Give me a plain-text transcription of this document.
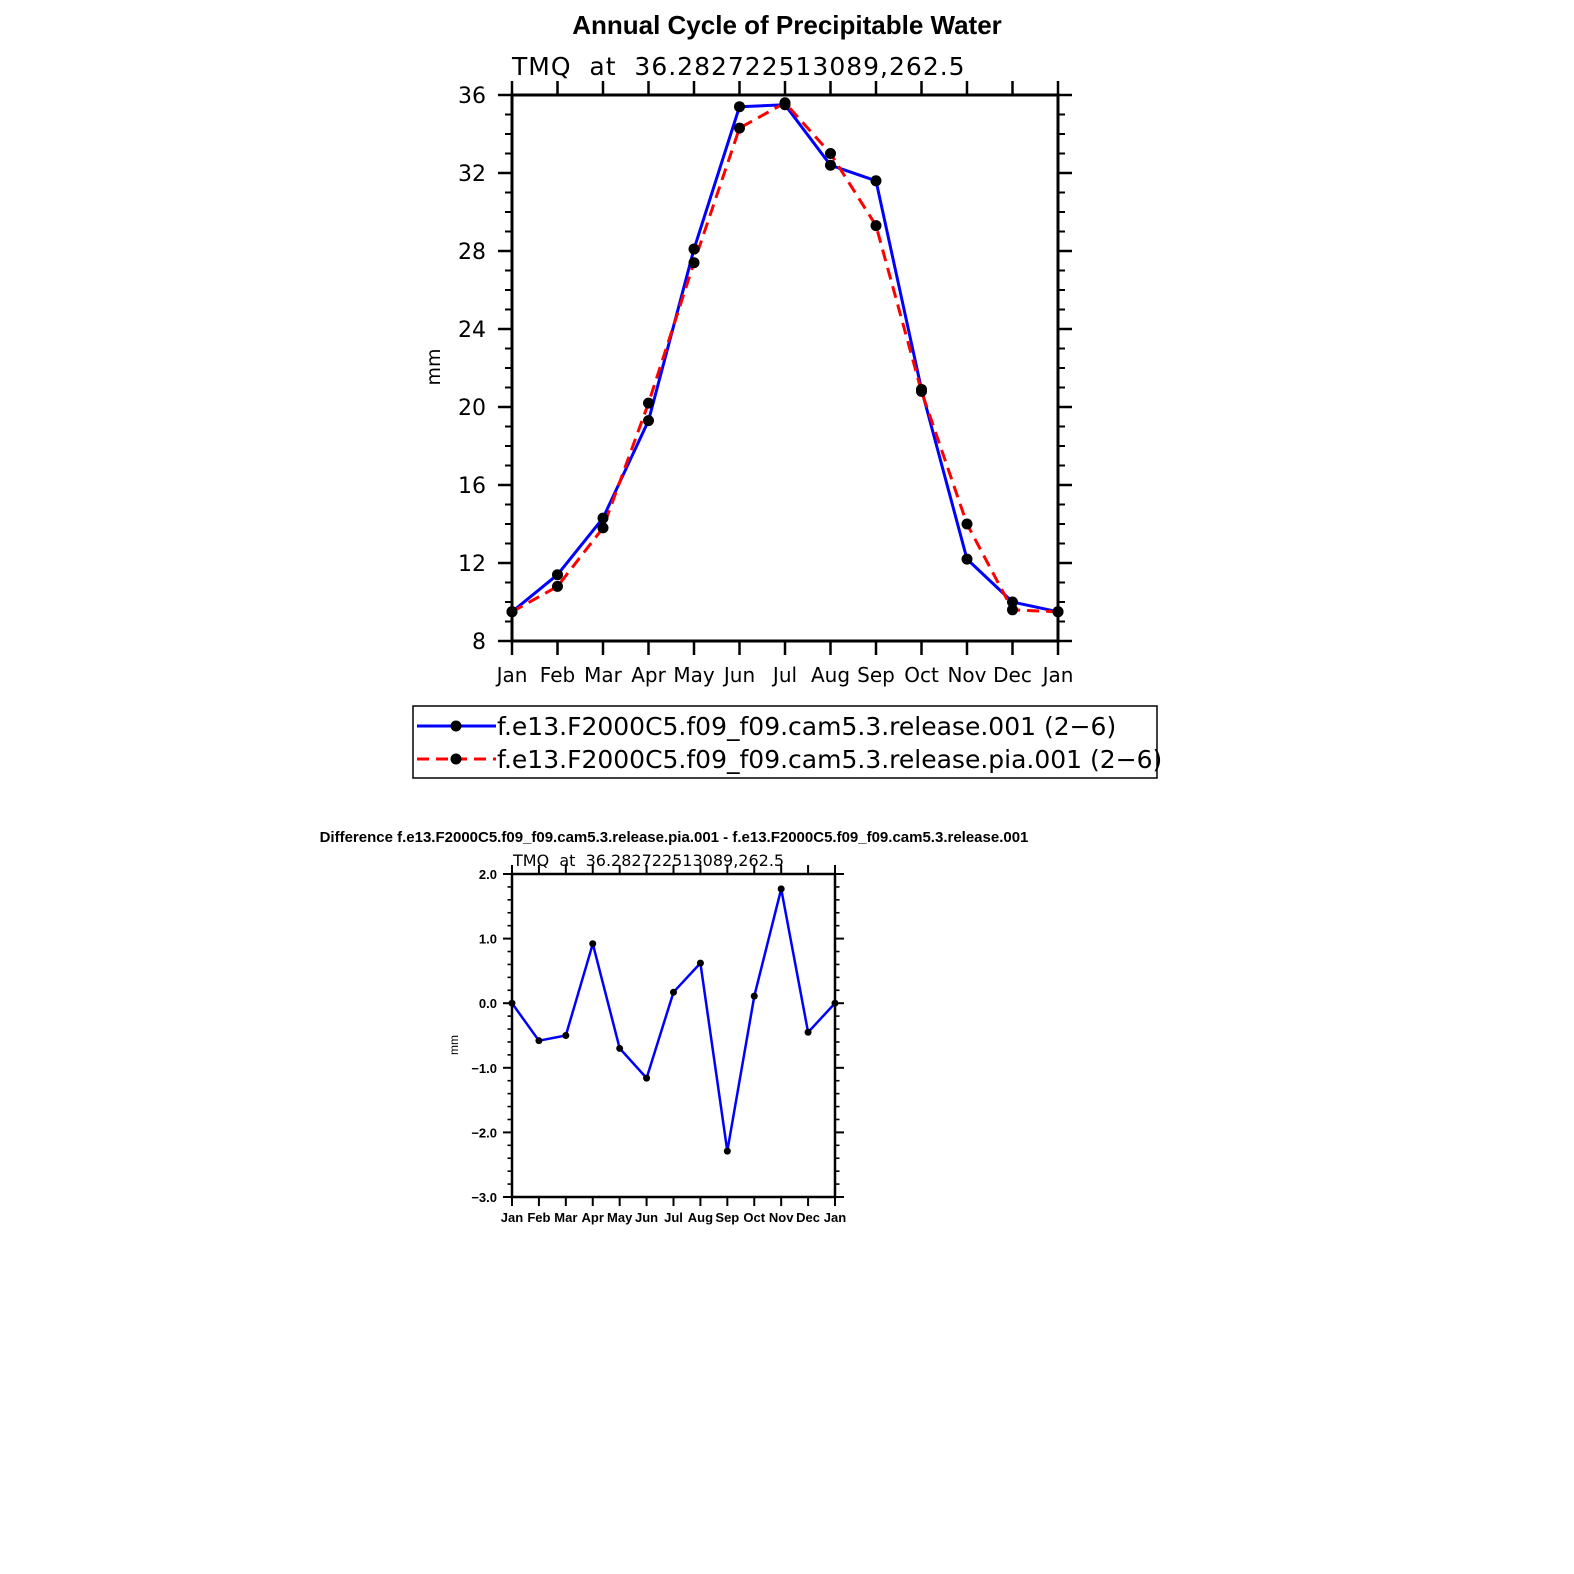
Annual Cycle of Precipitable Water
TMQ  at  36.282722513089,262.5
mm
8
12
16
20
24
28
32
36
Jan Feb Mar Apr May Jun Jul Aug Sep Oct Nov Dec Jan
f.e13.F2000C5.f09_f09.cam5.3.release.001 (2−6)
f.e13.F2000C5.f09_f09.cam5.3.release.pia.001 (2−6)
Difference f.e13.F2000C5.f09_f09.cam5.3.release.pia.001 - f.e13.F2000C5.f09_f09.cam5.3.release.001
TMQ  at  36.282722513089,262.5
mm
−3.0
−2.0
−1.0
0.0
1.0
2.0
Jan Feb Mar Apr May Jun Jul Aug Sep Oct Nov Dec Jan
